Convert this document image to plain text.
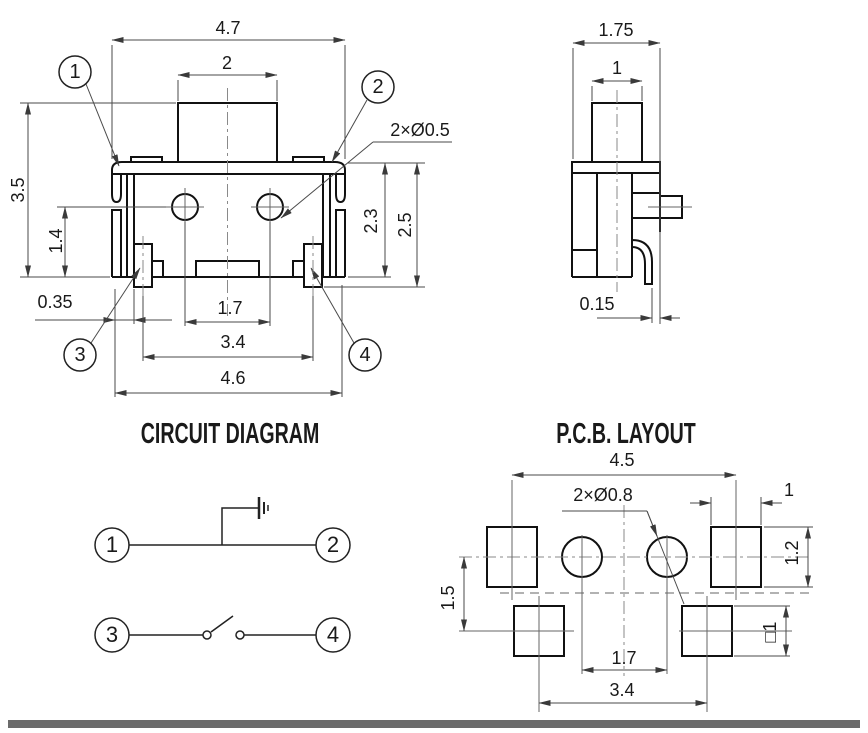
4.7
2
3.5
1.4
0.35	1.7
3.4
4.6
2.3 2.5
2×Ø0.5
1
2
3	4
1.75
1
0.15
CIRCUIT DIAGRAM
1	2
3	4
P.C.B. LAYOUT
4.5
2×Ø0.8	1
1.2
1.5
1.7
3.4
□1
